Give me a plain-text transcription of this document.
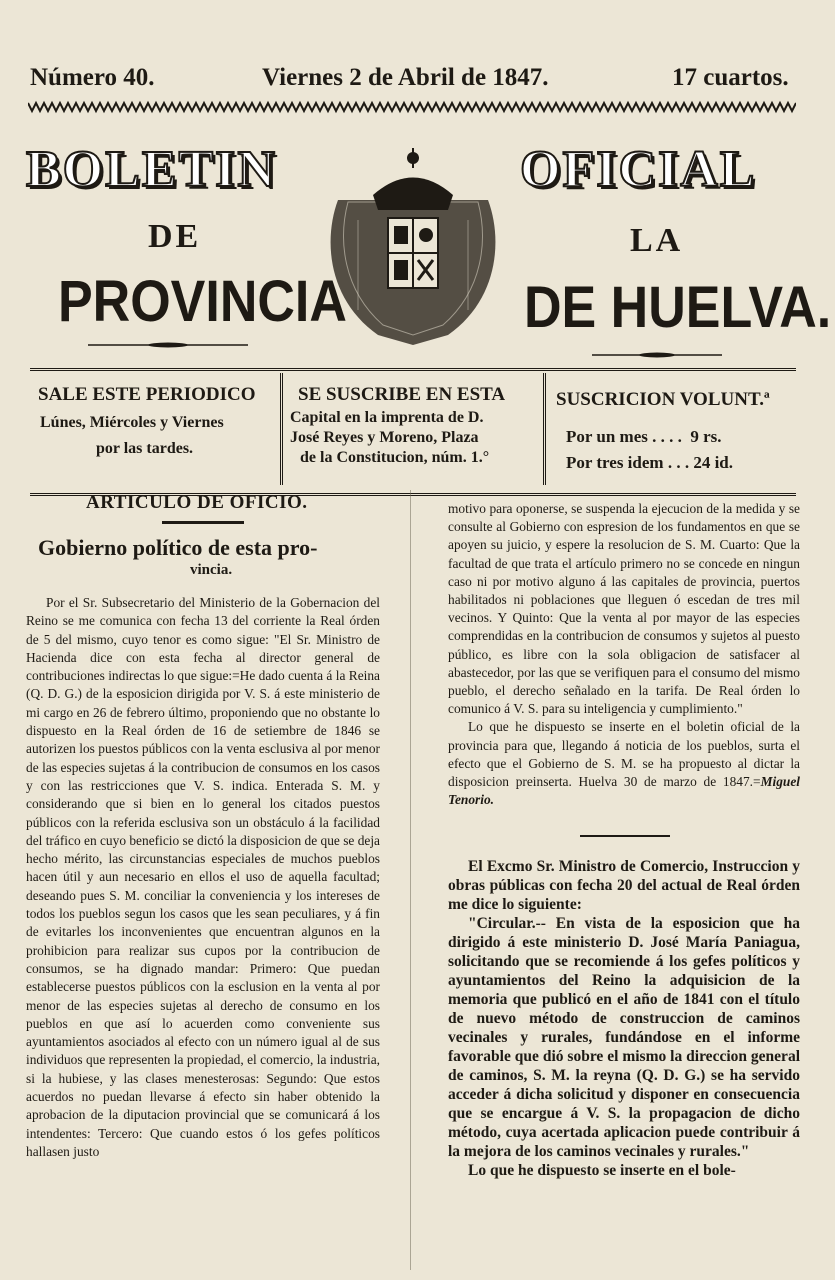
Número 40.	Viernes 2 de Abril de 1847.	17 cuartos.
BOLETIN	OFICIAL
DE	LA
PROVINCIA	DE HUELVA.
SALE ESTE PERIODICO
Lúnes, Miércoles y Viernes
por las tardes.
SE SUSCRIBE EN ESTA
Capital en la imprenta de D.
José Reyes y Moreno, Plaza
de la Constitucion, núm. 1.°
SUSCRICION VOLUNT.ª
Por un mes . . . .  9 rs.
Por tres idem . . . 24 id.
ARTICULO DE OFICIO.
Gobierno político de esta pro-
vincia.

Por el Sr. Subsecretario del Ministerio de la Gobernacion del Reino se me comunica con fecha 13 del corriente la Real órden de 5 del mismo, cuyo tenor es como sigue: "El Sr. Ministro de Hacienda dice con esta fecha al director general de contribuciones indirectas lo que sigue:=He dado cuenta á la Reina (Q. D. G.) de la esposicion dirigida por V. S. á este ministerio de mi cargo en 26 de febrero último, proponiendo que no obstante lo dispuesto en la Real órden de 16 de setiembre de 1846 se autorizen los puestos públicos con la venta esclusiva al por menor de las especies sujetas á la contribucion de consumos en los casos y con las restricciones que V. S. indica. Enterada S. M. y considerando que si bien en lo general los citados puestos públicos con la referida esclusiva son un obstáculo á la facilidad del tráfico en cuyo beneficio se dictó la disposicion de que se deja hecho mérito, las circunstancias especiales de muchos pueblos hacen útil y aun necesario en ellos el uso de aquella facultad; deseando pues S. M. conciliar la conveniencia y los intereses de todos los pueblos segun los casos que les sean peculiares, y á fin de evitarles los inconvenientes que encuentran algunos en la prohibicion para realizar sus cupos por la contribucion de consumos, se ha dignado mandar: Primero: Que puedan establecerse puestos públicos con la esclusion en la venta al por menor de las especies sujetas al derecho de consumo en los pueblos en que así lo acuerden como conveniente sus ayuntamientos asociados al efecto con un número igual al de sus individuos que representen la propiedad, el comercio, la industria, si la hubiese, y las clases menesterosas: Segundo: Que estos acuerdos no puedan llevarse á efecto sin haber obtenido la aprobacion de la diputacion provincial que se comunicará á los intendentes: Tercero: Que cuando estos ó los gefes políticos hallasen justo

motivo para oponerse, se suspenda la ejecucion de la medida y se consulte al Gobierno con espresion de los fundamentos en que se apoyen su juicio, y espere la resolucion de S. M. Cuarto: Que la facultad de que trata el artículo primero no se concede en ningun caso ni por motivo alguno á las capitales de provincia, puertos habilitados ni poblaciones que lleguen ó escedan de tres mil vecinos. Y Quinto: Que la venta al por mayor de las especies comprendidas en la contribucion de consumos y sujetos al puesto público, es libre con la sola obligacion de satisfacer al abastecedor, por las que se verifiquen para el consumo del mismo pueblo, el derecho señalado en la tarifa. De Real órden lo comunico á V. S. para su inteligencia y cumplimiento."

Lo que he dispuesto se inserte en el boletin oficial de la provincia para que, llegando á noticia de los pueblos, surta el efecto que el Gobierno de S. M. se ha propuesto al dictar la disposicion preinserta. Huelva 30 de marzo de 1847.=Miguel Tenorio.

El Excmo Sr. Ministro de Comercio, Instruccion y obras públicas con fecha 20 del actual de Real órden me dice lo siguiente:

"Circular.-- En vista de la esposicion que ha dirigido á este ministerio D. José María Paniagua, solicitando que se recomiende á los gefes políticos y ayuntamientos del Reino la adquisicion de la memoria que publicó en el año de 1841 con el título de nuevo método de construccion de caminos vecinales y rurales, fundándose en el informe favorable que dió sobre el mismo la direccion general de caminos, S. M. la reyna (Q. D. G.) se ha servido acceder á dicha solicitud y disponer en consecuencia que se encargue á V. S. la propagacion de dicho método, cuya acertada aplicacion puede contribuir á la mejora de los caminos vecinales y rurales."

Lo que he dispuesto se inserte en el bole-
